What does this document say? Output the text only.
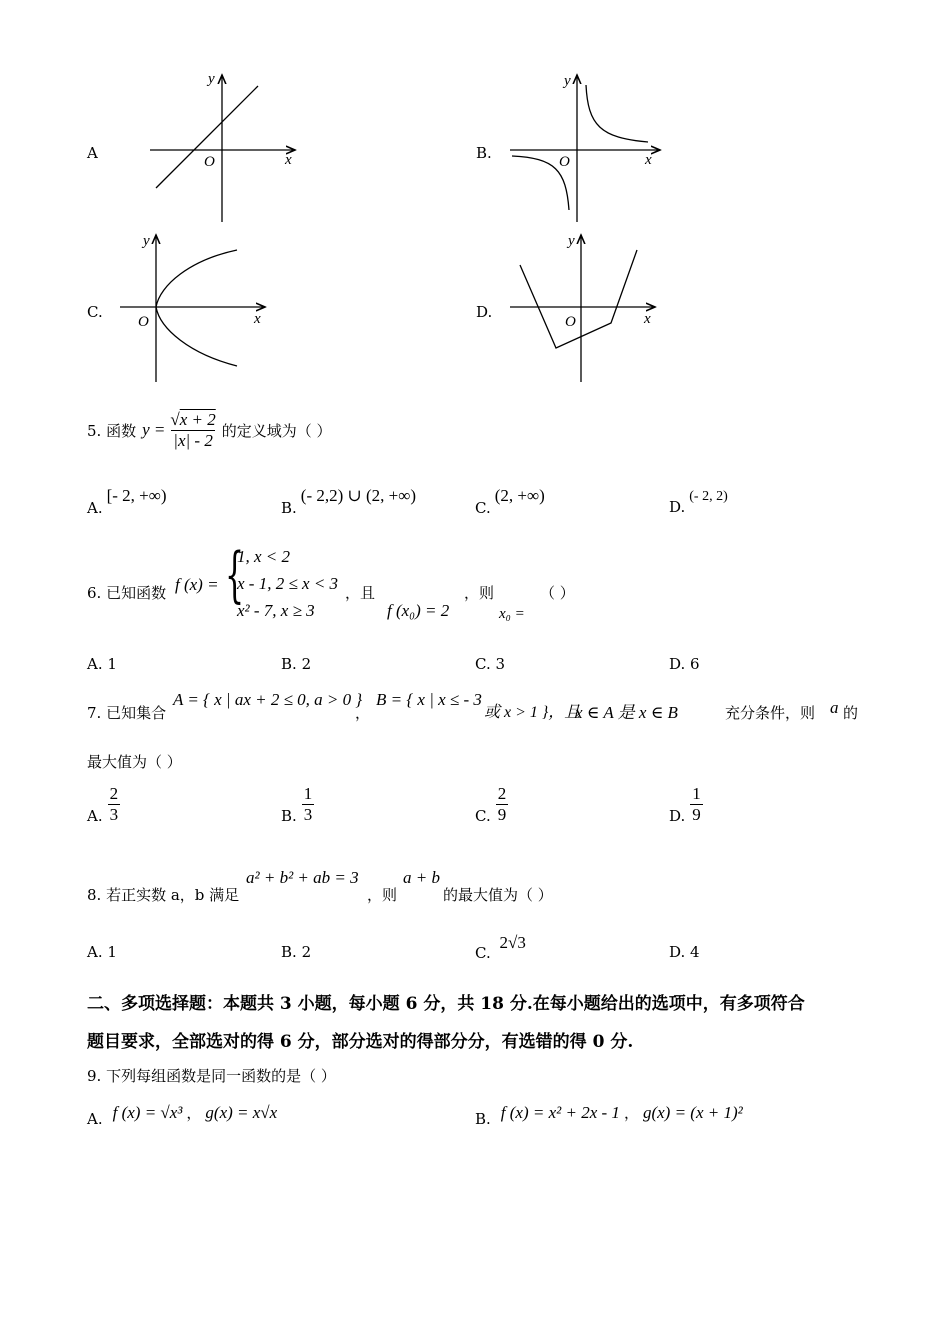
A	x
y
O	B.	x
y
O
C.	x
y
O
D.	x
y
O
5. 函数 $y = \frac{√x + 2}{|x| - 2}$ 的定义域为（ ）
A.[- 2, +∞)
B.(- 2,2) ∪ (2, +∞)
C.(2, +∞)
D.(- 2, 2)
6. 已知函数 f (x) = {
1, x < 2
x - 1, 2 ≤ x < 3
x² - 7, x ≥ 3
，且
f (x₀) = 2
，则
x₀ =
（ ）
A. 1	B. 2	C. 3	D. 6
7. 已知集合
A = { x | ax + 2 ≤ 0, a > 0 }
，
B = { x | x ≤ - 3
或 x > 1 }，且
x ∈ A 是 x ∈ B	充分条件，则 a 的
最大值为（ ）
A. $\frac{2}{3}$	B. $\frac{1}{3}$	C. $\frac{2}{9}$	D. $\frac{1}{9}$
8. 若正实数 a，b 满足
a² + b² + ab = 3
，则
a + b
的最大值为（ ）
A. 1	B. 2	C. 2√3	D. 4
二、多项选择题：本题共 3 小题，每小题 6 分，共 18 分.在每小题给出的选项中，有多项符合
题目要求，全部选对的得 6 分，部分选对的得部分分，有选错的得 0 分.
9. 下列每组函数是同一函数的是（ ）
A. f (x) = √x³ ， g(x) = x√x	B. f (x) = x² + 2x - 1 ， g(x) = (x + 1)²
